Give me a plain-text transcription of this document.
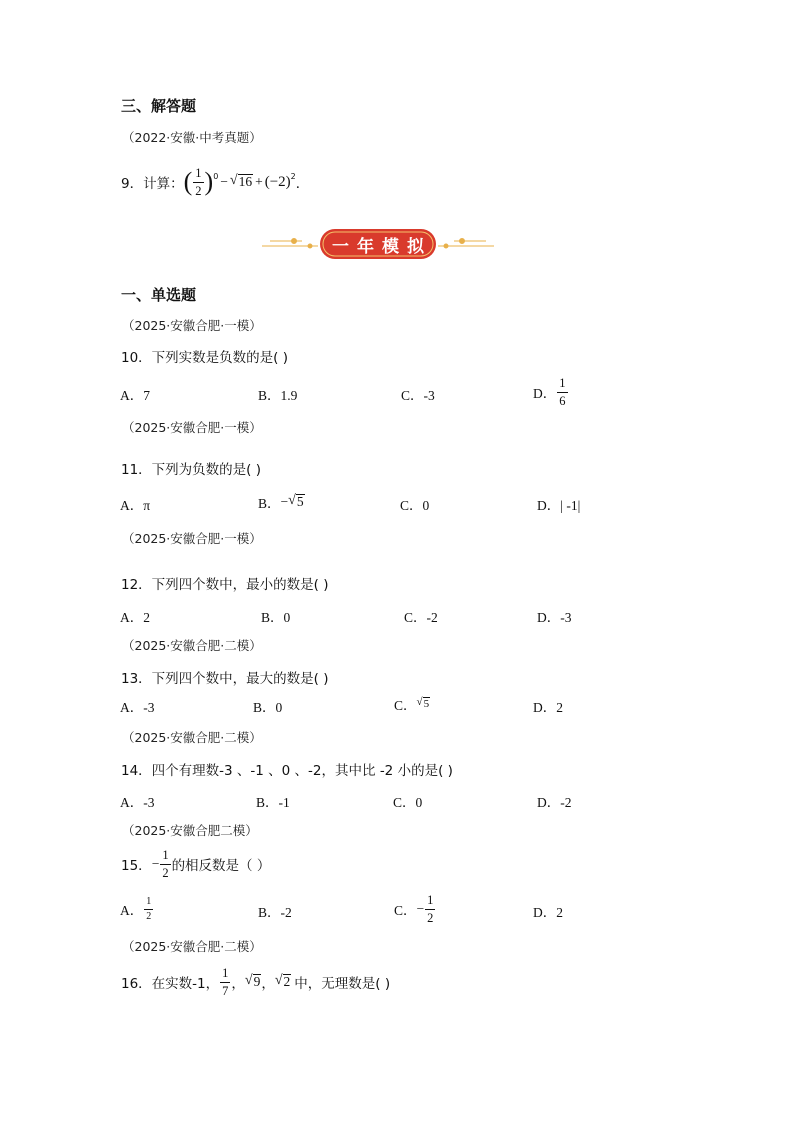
三、解答题
（2022·安徽·中考真题）
9．计算： ( $\frac{1}{2}$ ) 0 − √ 16 + (−2) 2 ．
一 年 模 拟
一、单选题
（2025·安徽合肥·一模）
10．下列实数是负数的是( )
A．7	B．1.9	C．-3	D． $\frac{1}{6}$
（2025·安徽合肥·一模）
11．下列为负数的是( )
A．π	B． − √ 5	C．0	D．| -1|
（2025·安徽合肥·一模）
12．下列四个数中，最小的数是( )
A．2	B．0	C．-2	D．-3
（2025·安徽合肥·二模）
13．下列四个数中，最大的数是( )
A．-3	B．0	C． √ 5	D．2
（2025·安徽合肥·二模）
14．四个有理数-3 、-1 、0 、-2，其中比 -2 小的是( )
A．-3	B．-1	C．0	D．-2
（2025·安徽合肥二模）
15． − $\frac{1}{2}$ 的相反数是（ ）
A． $\frac{1}{2}$	B．-2	C． − $\frac{1}{2}$	D．2
（2025·安徽合肥·二模）
16．在实数-1， $\frac{1}{7}$ ， √ 9 ， √ 2 中，无理数是( )
